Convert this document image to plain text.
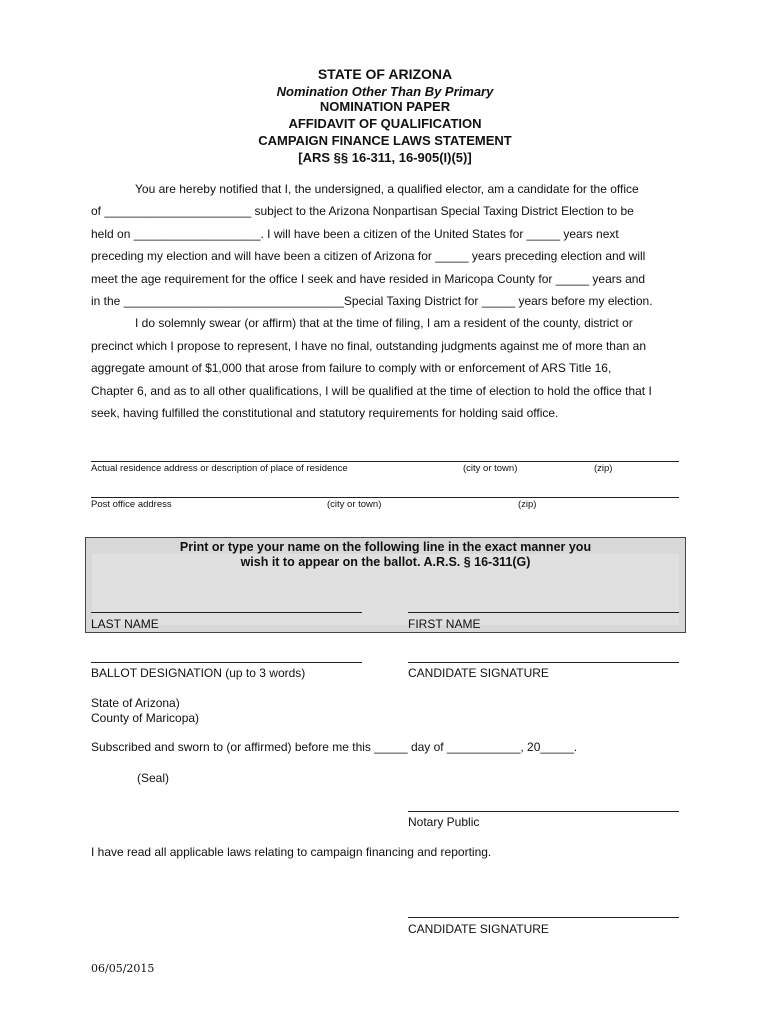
STATE OF ARIZONA
Nomination Other Than By Primary
NOMINATION PAPER
AFFIDAVIT OF QUALIFICATION
CAMPAIGN FINANCE LAWS STATEMENT
[ARS §§ 16-311, 16-905(I)(5)]
You are hereby notified that I, the undersigned, a qualified elector, am a candidate for the office
of ______________________ subject to the Arizona Nonpartisan Special Taxing District Election to be
held on ___________________. I will have been a citizen of the United States for _____ years next
preceding my election and will have been a citizen of Arizona for _____ years preceding election and will
meet the age requirement for the office I seek and have resided in Maricopa County for _____ years and
in the _________________________________Special Taxing District for _____ years before my election.
I do solemnly swear (or affirm) that at the time of filing, I am a resident of the county, district or
precinct which I propose to represent, I have no final, outstanding judgments against me of more than an
aggregate amount of $1,000 that arose from failure to comply with or enforcement of ARS Title 16,
Chapter 6, and as to all other qualifications, I will be qualified at the time of election to hold the office that I
seek, having fulfilled the constitutional and statutory requirements for holding said office.
Actual residence address or description of place of residence	(city or town)	(zip)
Post office address	(city or town)	(zip)
Print or type your name on the following line in the exact manner you
wish it to appear on the ballot. A.R.S. § 16-311(G)
LAST NAME	FIRST NAME
BALLOT DESIGNATION (up to 3 words)	CANDIDATE SIGNATURE
State of Arizona)
County of Maricopa)
Subscribed and sworn to (or affirmed) before me this _____ day of ___________, 20_____.
(Seal)
Notary Public
I have read all applicable laws relating to campaign financing and reporting.
CANDIDATE SIGNATURE
06/05/2015
